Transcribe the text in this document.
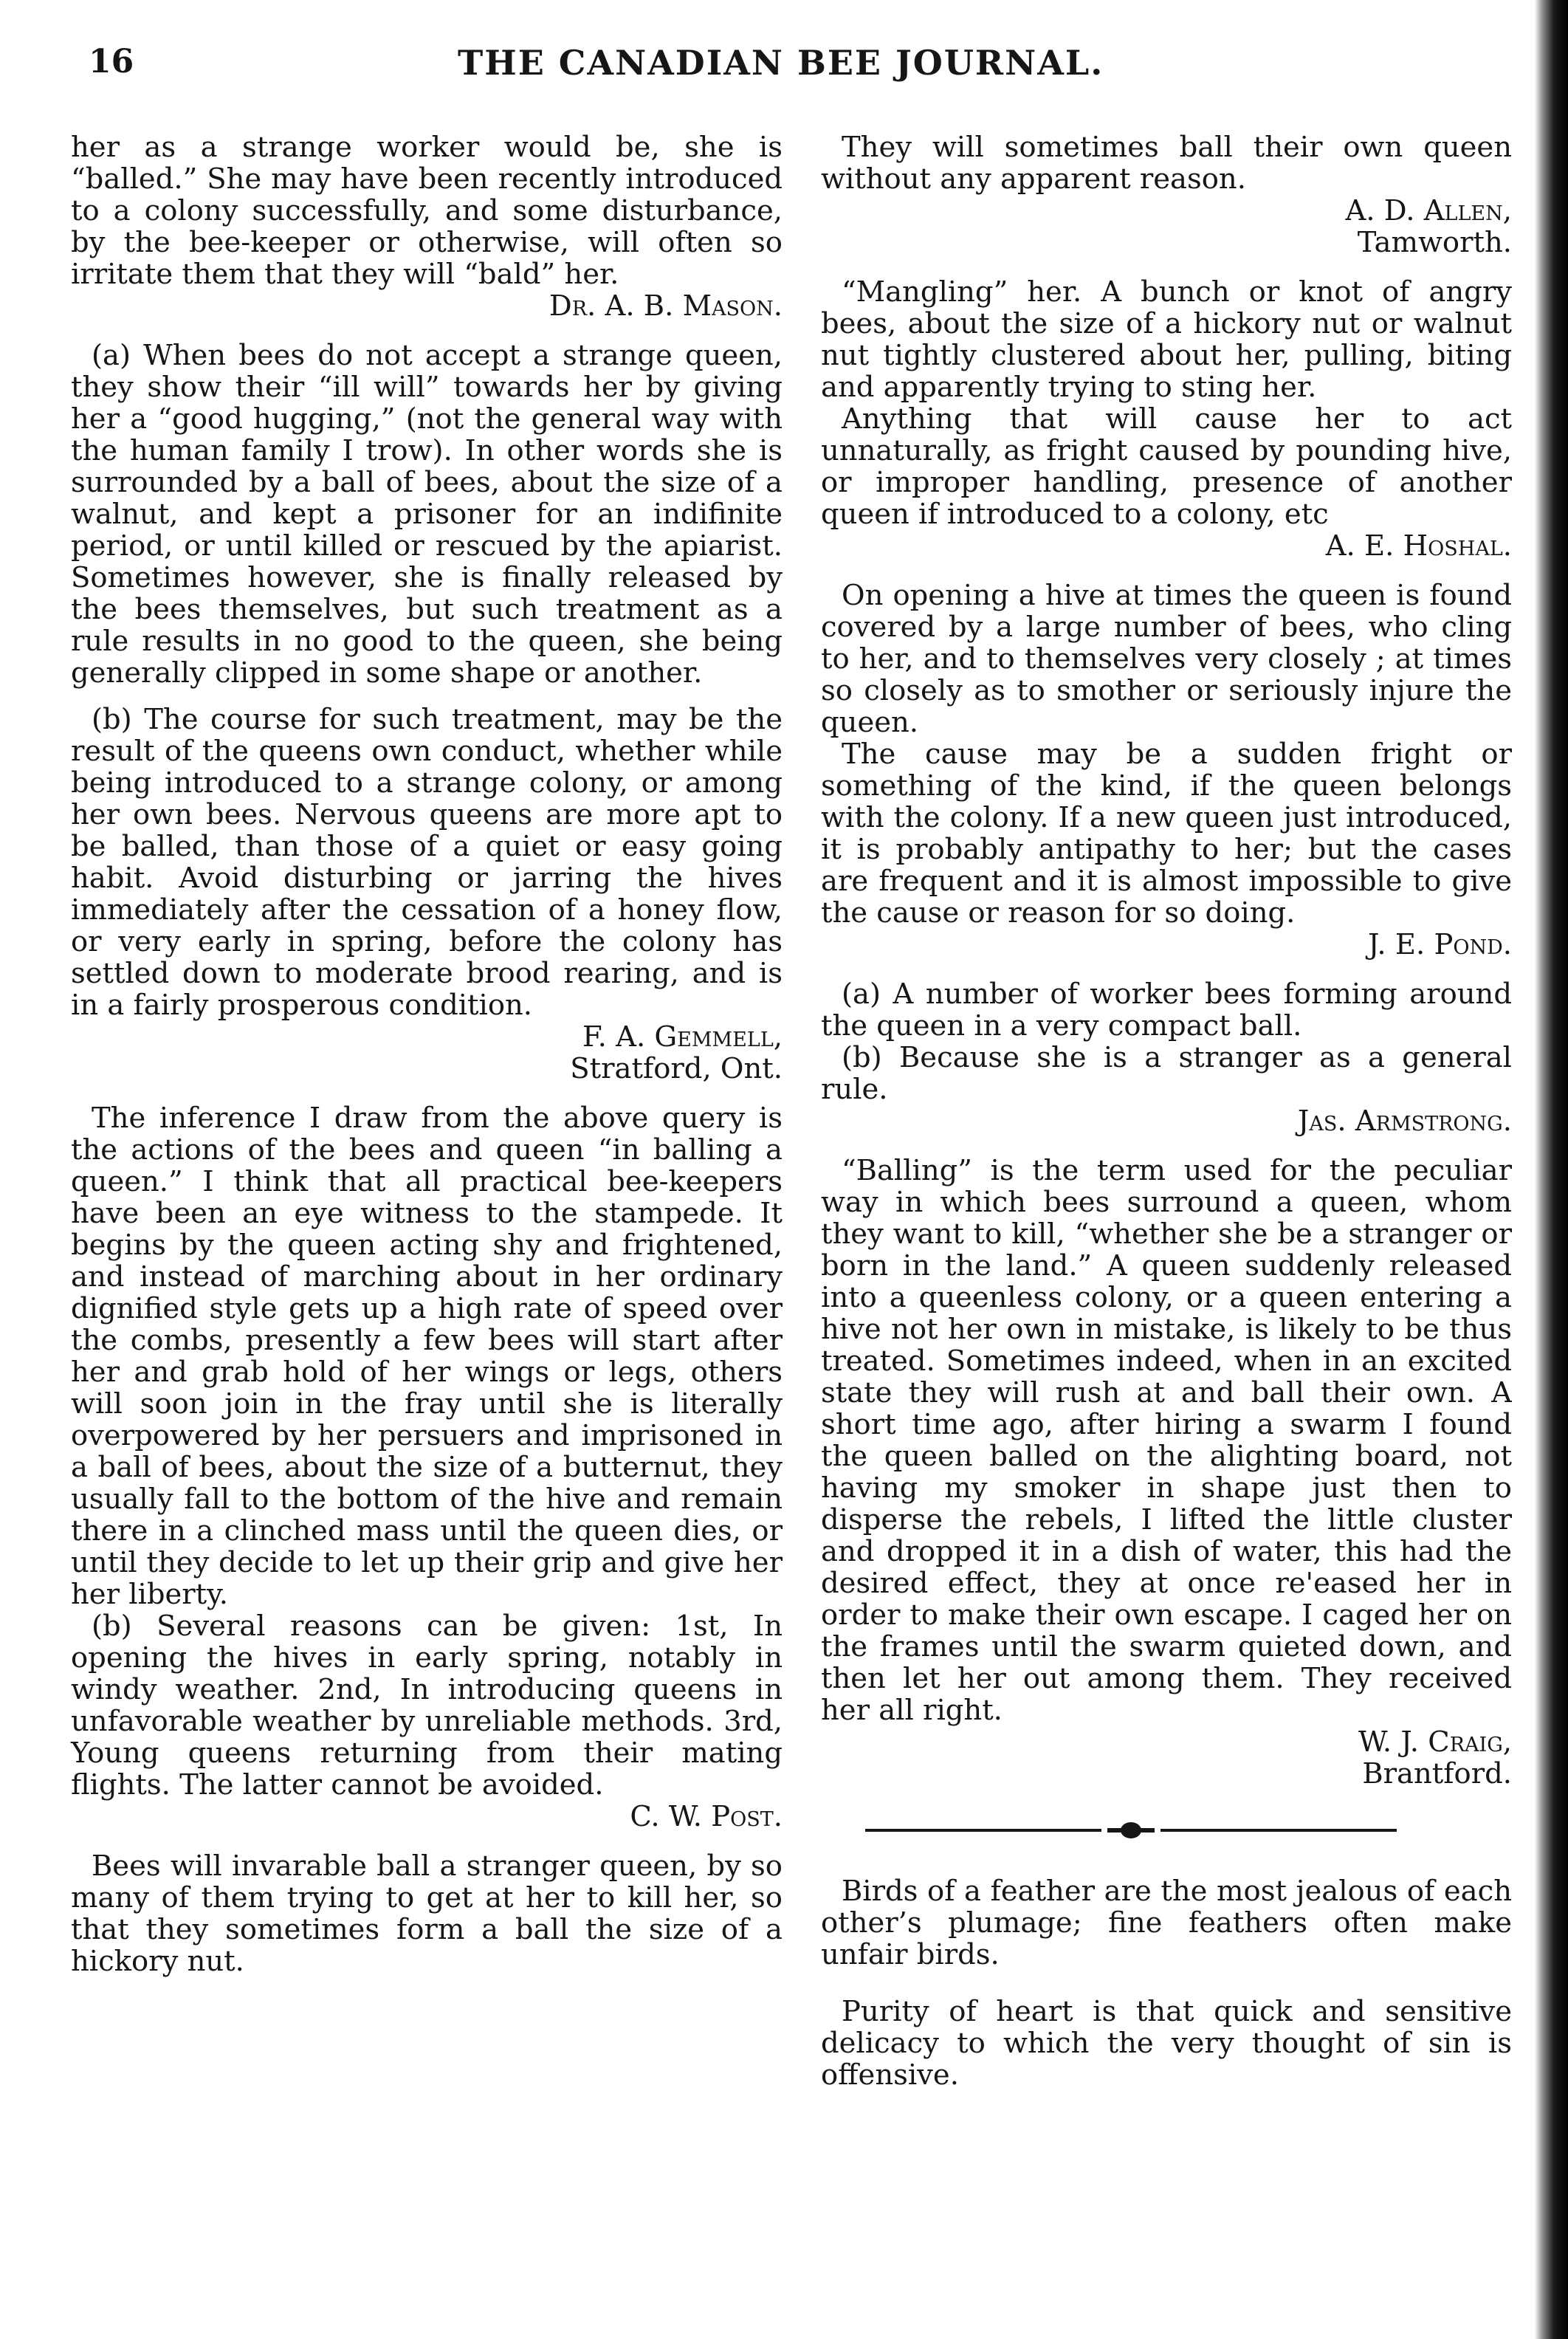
16	THE CANADIAN BEE JOURNAL.

her as a strange worker would be, she is “balled.” She may have been recently introduced to a colony successfully, and some disturbance, by the bee-keeper or otherwise, will often so irritate them that they will “bald” her.

Dr. A. B. Mason.

(a) When bees do not accept a strange queen, they show their “ill will” towards her by giving her a “good hugging,” (not the general way with the human family I trow). In other words she is surrounded by a ball of bees, about the size of a walnut, and kept a prisoner for an indifinite period, or until killed or rescued by the apiarist. Sometimes however, she is finally released by the bees themselves, but such treatment as a rule results in no good to the queen, she being generally clipped in some shape or another.

(b) The course for such treatment, may be the result of the queens own conduct, whether while being introduced to a strange colony, or among her own bees. Nervous queens are more apt to be balled, than those of a quiet or easy going habit. Avoid disturbing or jarring the hives immediately after the cessation of a honey flow, or very early in spring, before the colony has settled down to moderate brood rearing, and is in a fairly prosperous condition.

F. A. Gemmell,
Stratford, Ont.

The inference I draw from the above query is the actions of the bees and queen “in balling a queen.” I think that all practical bee-keepers have been an eye witness to the stampede. It begins by the queen acting shy and frightened, and instead of marching about in her ordinary dignified style gets up a high rate of speed over the combs, presently a few bees will start after her and grab hold of her wings or legs, others will soon join in the fray until she is literally overpowered by her persuers and imprisoned in a ball of bees, about the size of a butternut, they usually fall to the bottom of the hive and remain there in a clinched mass until the queen dies, or until they decide to let up their grip and give her her liberty.

(b) Several reasons can be given: 1st, In opening the hives in early spring, notably in windy weather. 2nd, In introducing queens in unfavorable weather by unreliable methods. 3rd, Young queens returning from their mating flights. The latter cannot be avoided.

C. W. Post.

Bees will invarable ball a stranger queen, by so many of them trying to get at her to kill her, so that they sometimes form a ball the size of a hickory nut.

They will sometimes ball their own queen without any apparent reason.

A. D. Allen,
Tamworth.

“Mangling” her. A bunch or knot of angry bees, about the size of a hickory nut or walnut nut tightly clustered about her, pulling, biting and apparently trying to sting her.

Anything that will cause her to act unnaturally, as fright caused by pounding hive, or improper handling, presence of another queen if introduced to a colony, etc

A. E. Hoshal.

On opening a hive at times the queen is found covered by a large number of bees, who cling to her, and to themselves very closely ; at times so closely as to smother or seriously injure the queen.

The cause may be a sudden fright or something of the kind, if the queen belongs with the colony. If a new queen just introduced, it is probably antipathy to her; but the cases are frequent and it is almost impossible to give the cause or reason for so doing.

J. E. Pond.

(a) A number of worker bees forming around the queen in a very compact ball.

(b) Because she is a stranger as a general rule.

Jas. Armstrong.

“Balling” is the term used for the peculiar way in which bees surround a queen, whom they want to kill, “whether she be a stranger or born in the land.” A queen suddenly released into a queenless colony, or a queen entering a hive not her own in mistake, is likely to be thus treated. Sometimes indeed, when in an excited state they will rush at and ball their own. A short time ago, after hiring a swarm I found the queen balled on the alighting board, not having my smoker in shape just then to disperse the rebels, I lifted the little cluster and dropped it in a dish of water, this had the desired effect, they at once re'eased her in order to make their own escape. I caged her on the frames until the swarm quieted down, and then let her out among them. They received her all right.

W. J. Craig,
Brantford.

Birds of a feather are the most jealous of each other’s plumage; fine feathers often make unfair birds.

Purity of heart is that quick and sensitive delicacy to which the very thought of sin is offensive.
